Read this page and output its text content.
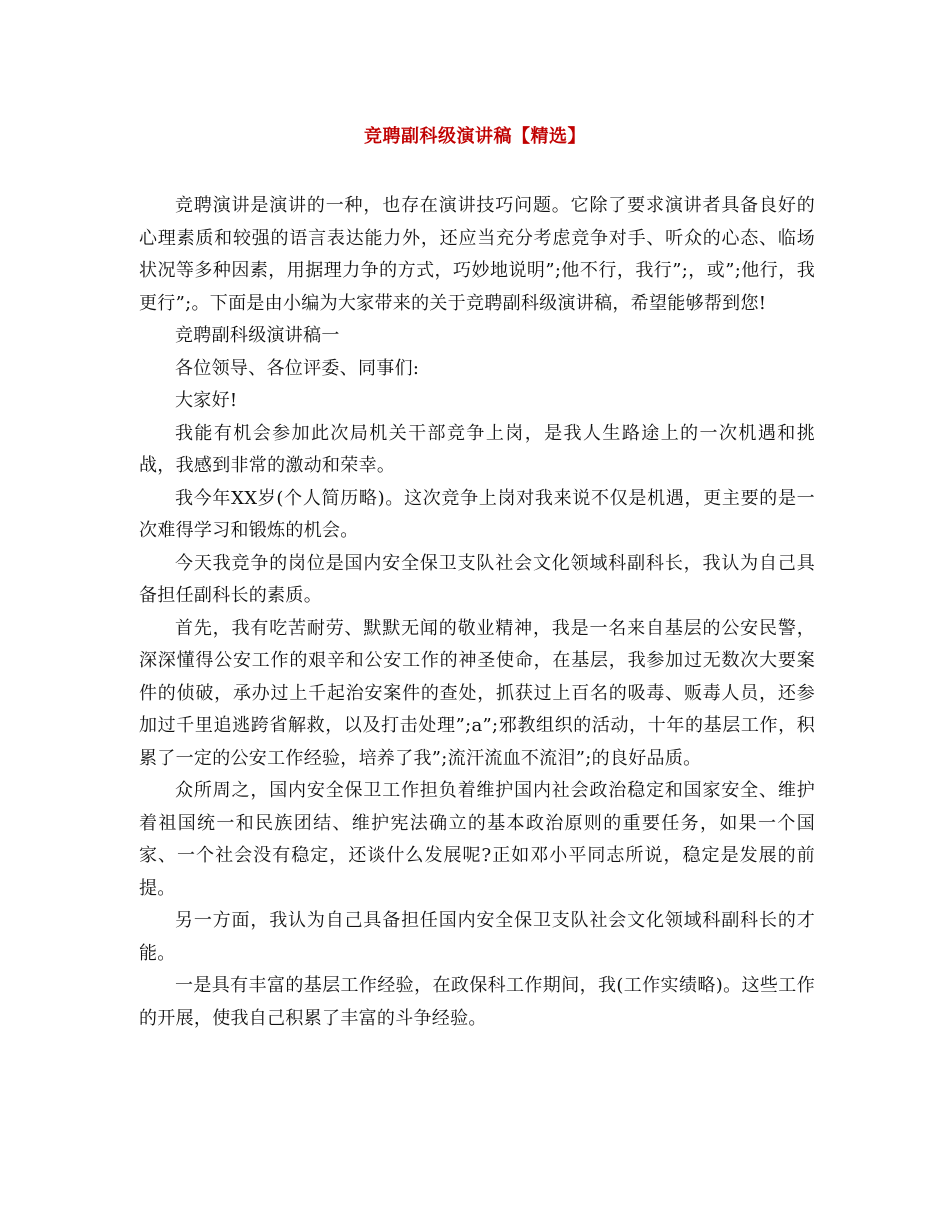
竞聘副科级演讲稿【精选】

竞聘演讲是演讲的一种，也存在演讲技巧问题。它除了要求演讲者具备良好的心理素质和较强的语言表达能力外，还应当充分考虑竞争对手、听众的心态、临场状况等多种因素，用据理力争的方式，巧妙地说明”;他不行，我行”;，或”;他行，我更行”;。下面是由小编为大家带来的关于竞聘副科级演讲稿，希望能够帮到您!

竞聘副科级演讲稿一

各位领导、各位评委、同事们:

大家好!

我能有机会参加此次局机关干部竞争上岗，是我人生路途上的一次机遇和挑战，我感到非常的激动和荣幸。

我今年XX岁(个人简历略)。这次竞争上岗对我来说不仅是机遇，更主要的是一次难得学习和锻炼的机会。

今天我竞争的岗位是国内安全保卫支队社会文化领域科副科长，我认为自己具备担任副科长的素质。

首先，我有吃苦耐劳、默默无闻的敬业精神，我是一名来自基层的公安民警，深深懂得公安工作的艰辛和公安工作的神圣使命，在基层，我参加过无数次大要案件的侦破，承办过上千起治安案件的查处，抓获过上百名的吸毒、贩毒人员，还参加过千里追逃跨省解救，以及打击处理”;a”;邪教组织的活动，十年的基层工作，积累了一定的公安工作经验，培养了我”;流汗流血不流泪”;的良好品质。

众所周之，国内安全保卫工作担负着维护国内社会政治稳定和国家安全、维护着祖国统一和民族团结、维护宪法确立的基本政治原则的重要任务，如果一个国家、一个社会没有稳定，还谈什么发展呢?正如邓小平同志所说，稳定是发展的前提。

另一方面，我认为自己具备担任国内安全保卫支队社会文化领域科副科长的才能。

一是具有丰富的基层工作经验，在政保科工作期间，我(工作实绩略)。这些工作的开展，使我自己积累了丰富的斗争经验。
